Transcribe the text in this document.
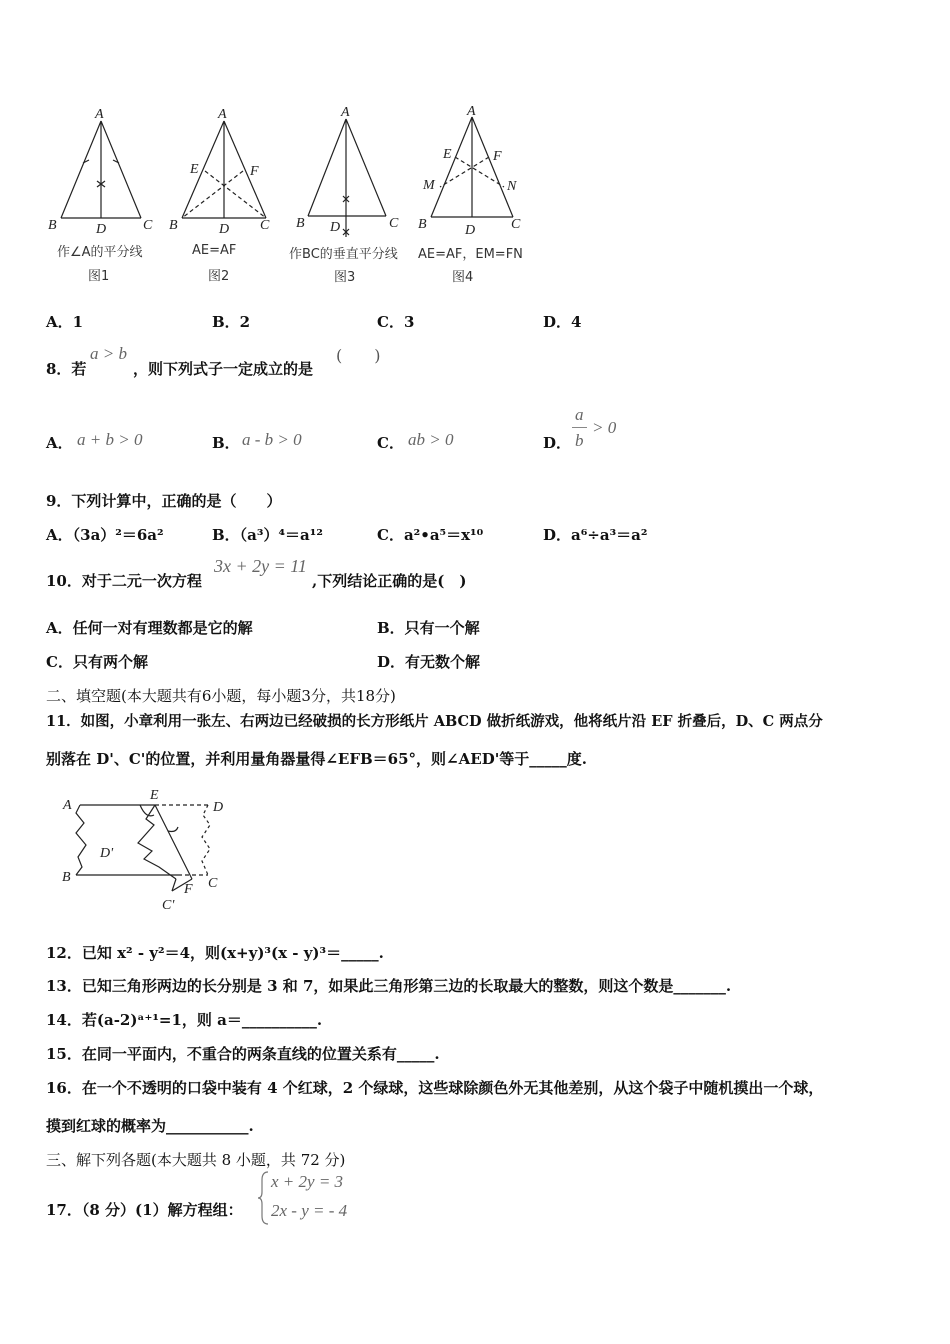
A
B	D	C
作∠A的平分线
图1
A
E	F
B	D C
AE=AF
图2
A
B D	C
作BC的垂直平分线
图3
A
E	F
M	N
B	D	C
AE=AF，EM=FN
图4
A．1	B．2	C．3	D．4
8．若
a > b
，则下列式子一定成立的是
(　　)
A． a + b > 0	B． a - b > 0	C． ab > 0	D．
a
b
> 0
9．下列计算中，正确的是（　　）
A．（3a）²＝6a²	B．（a³）⁴＝a¹²	C．a²•a⁵＝x¹⁰	D．a⁶÷a³＝a²
10．对于二元一次方程
3x + 2y = 11
,下列结论正确的是(　)
A．任何一对有理数都是它的解	B．只有一个解
C．只有两个解	D．有无数个解
二、填空题(本大题共有6小题，每小题3分，共18分)
11．如图，小章利用一张左、右两边已经破损的长方形纸片 ABCD 做折纸游戏，他将纸片沿 EF 折叠后，D、C 两点分
别落在 D'、C'的位置，并利用量角器量得∠EFB＝65°，则∠AED'等于_____度.
A
E
D
D'
B
F C
C'
12．已知 x² - y²＝4，则(x+y)³(x - y)³＝_____.
13．已知三角形两边的长分别是 3 和 7，如果此三角形第三边的长取最大的整数，则这个数是_______.
14．若(a-2)ᵃ⁺¹=1，则 a＝__________.
15．在同一平面内，不重合的两条直线的位置关系有_____.
16．在一个不透明的口袋中装有 4 个红球，2 个绿球，这些球除颜色外无其他差别，从这个袋子中随机摸出一个球，
摸到红球的概率为___________.
三、解下列各题(本大题共 8 小题，共 72 分)
17．（8 分）(1）解方程组：
x + 2y = 3
2x - y = - 4
